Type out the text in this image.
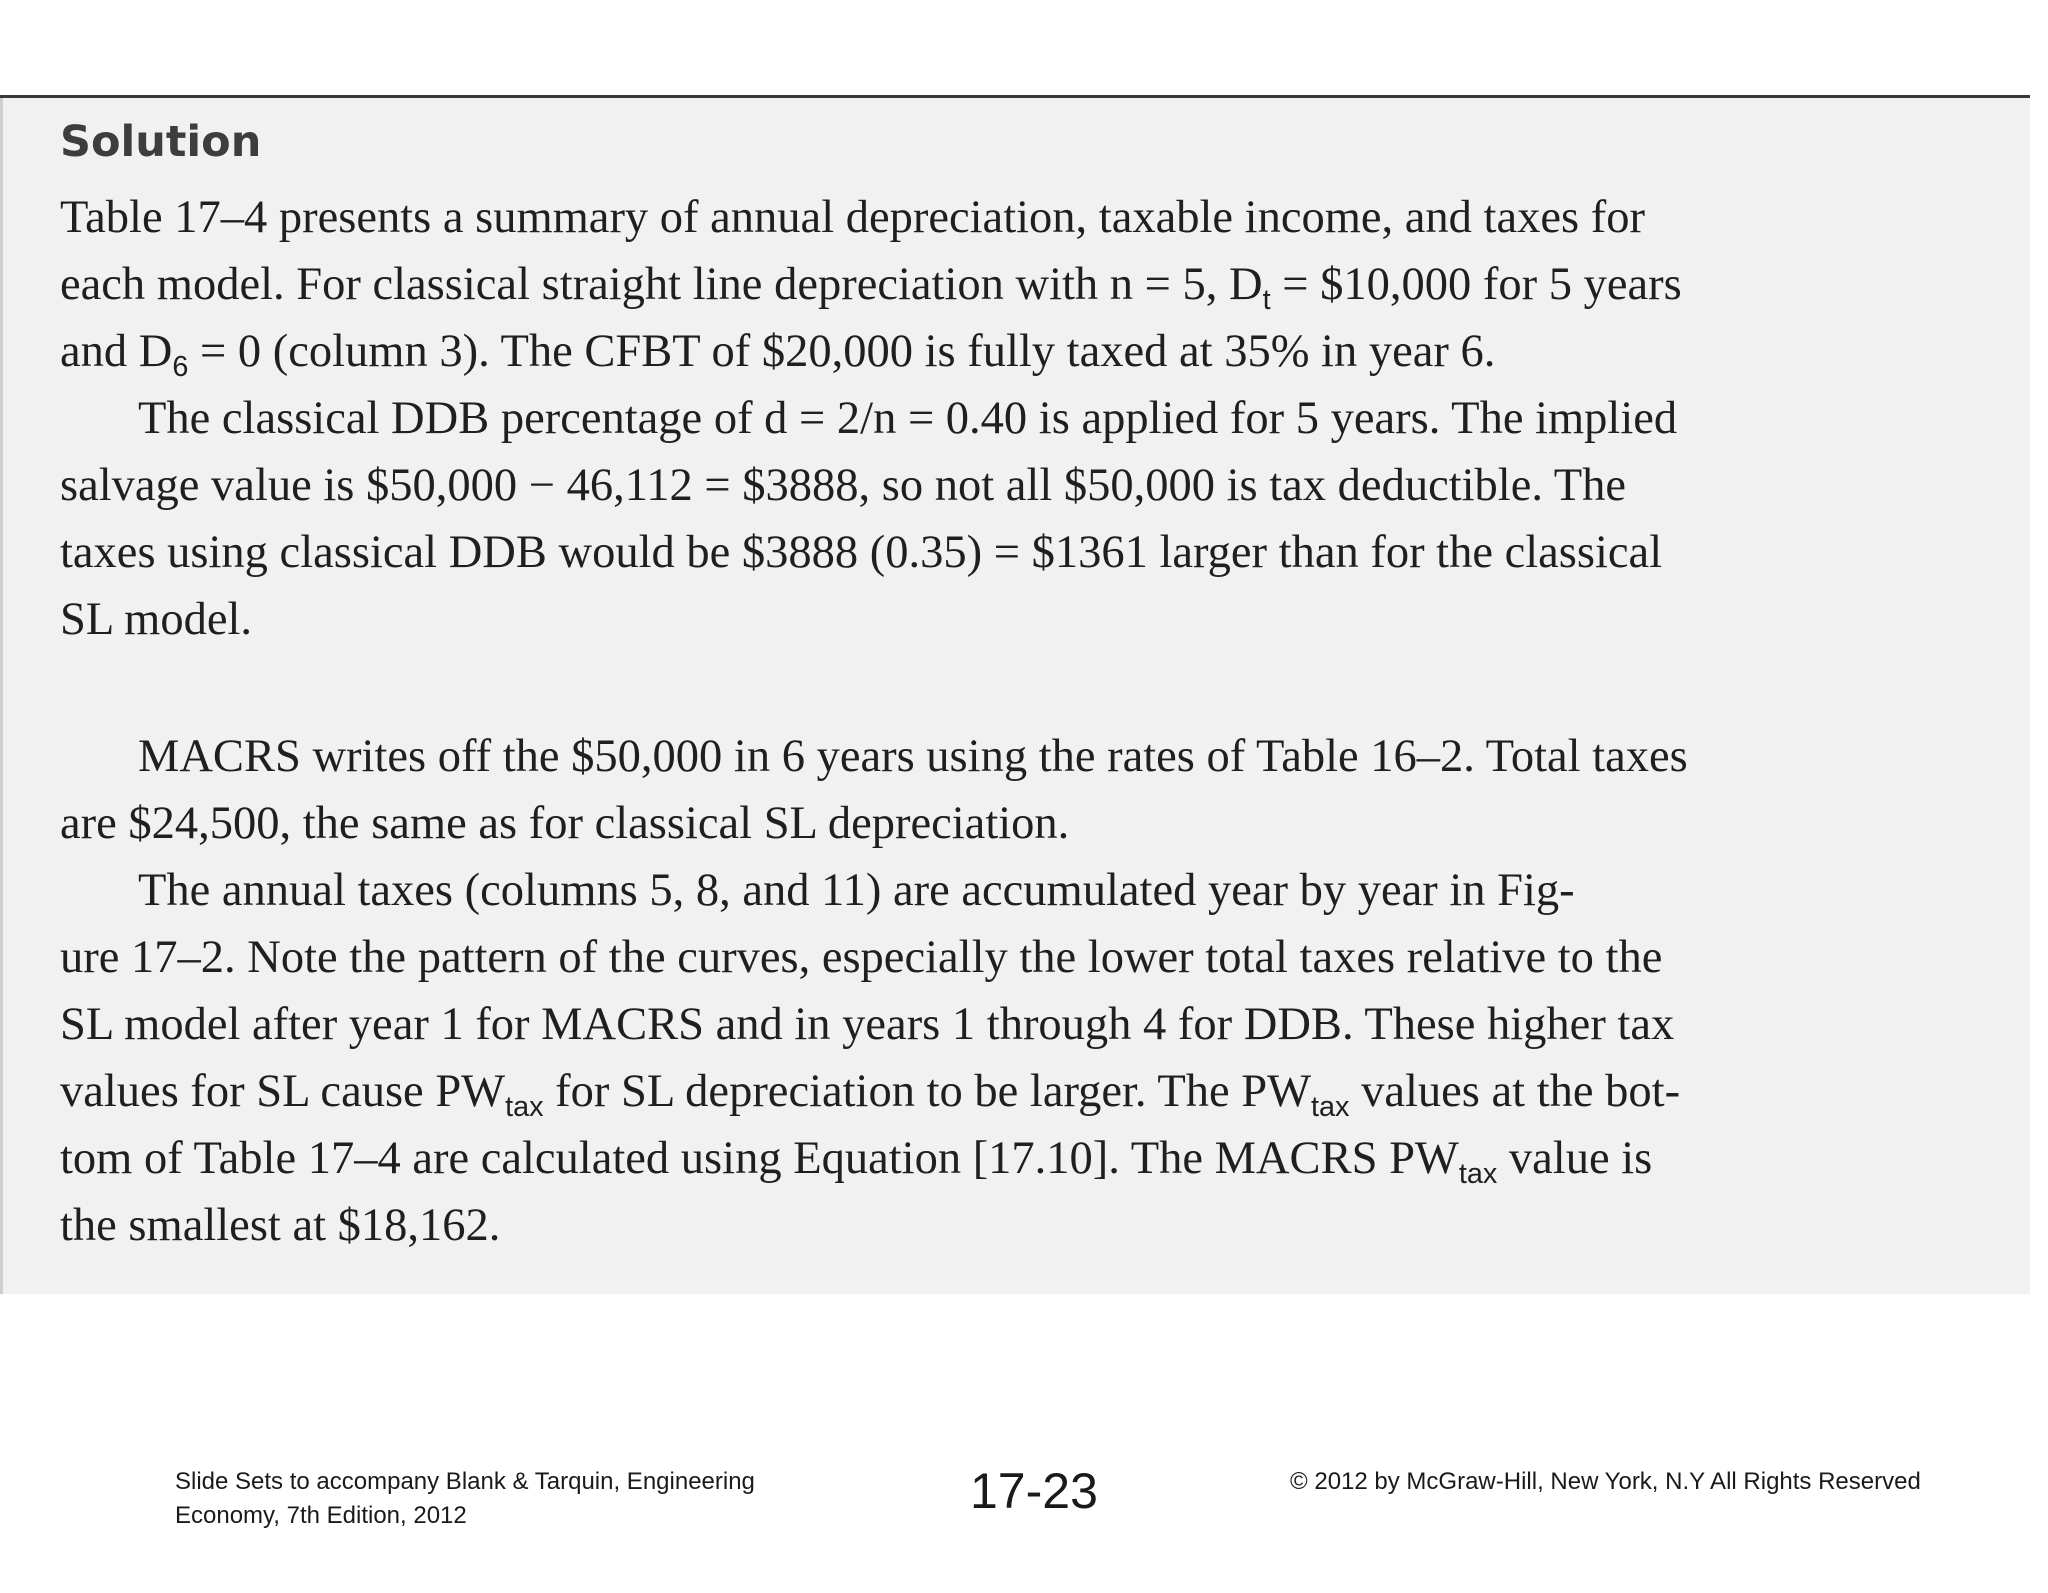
Solution

Table 17–4 presents a summary of annual depreciation, taxable income, and taxes for
each model. For classical straight line depreciation with n = 5, $D_t$ = $10,000 for 5 years
and $D_6 = 0$ (column 3). The CFBT of $20,000 is fully taxed at 35% in year 6.

The classical DDB percentage of d = 2/n = 0.40 is applied for 5 years. The implied
salvage value is $50,000 − 46,112 = $3888, so not all $50,000 is tax deductible. The
taxes using classical DDB would be $3888 (0.35) = $1361 larger than for the classical
SL model.

MACRS writes off the $50,000 in 6 years using the rates of Table 16–2. Total taxes
are $24,500, the same as for classical SL depreciation.

The annual taxes (columns 5, 8, and 11) are accumulated year by year in Fig-
ure 17–2. Note the pattern of the curves, especially the lower total taxes relative to the
SL model after year 1 for MACRS and in years 1 through 4 for DDB. These higher tax
values for SL cause $PW_{tax}$ for SL depreciation to be larger. The $PW_{tax}$ values at the bot-
tom of Table 17–4 are calculated using Equation [17.10]. The MACRS $PW_{tax}$ value is
the smallest at $18,162.

Slide Sets to accompany Blank & Tarquin, Engineering
Economy, 7th Edition, 2012	17-23	© 2012 by McGraw-Hill, New York, N.Y All Rights Reserved
